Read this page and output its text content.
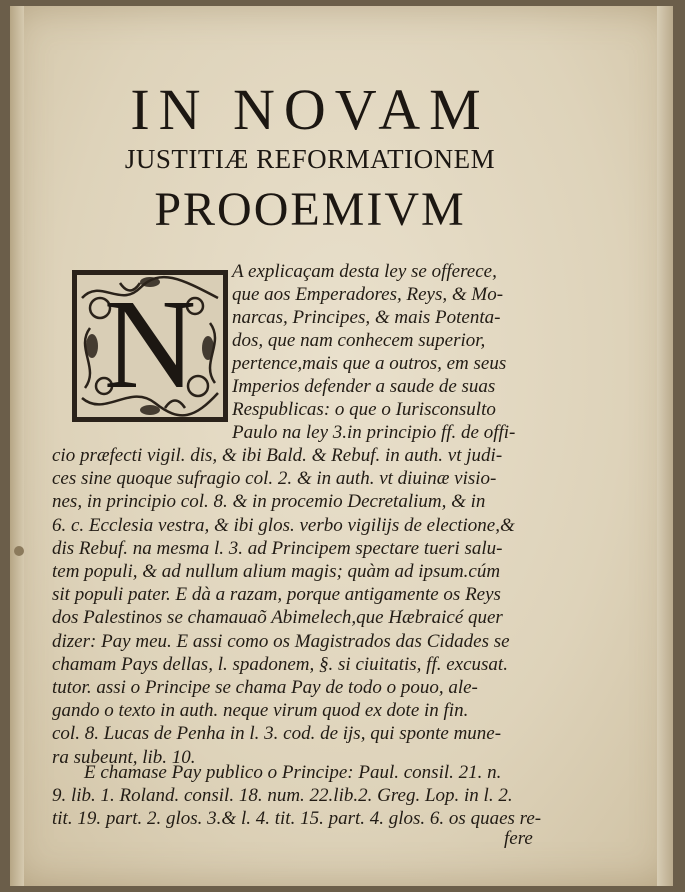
IN NOVAM
JUSTITIÆ REFORMATIONEM
PROOEMIVM
N
A explicaçam desta ley se offerece,
que aos Emperadores, Reys, & Mo-
narcas, Principes, & mais Potenta-
dos, que nam conhecem superior,
pertence,mais que a outros, em seus
Imperios defender a saude de suas
Respublicas: o que o Iurisconsulto
Paulo na ley 3.in principio ff. de offi-
cio præfecti vigil. dis, & ibi Bald. & Rebuf. in auth. vt judi-
ces sine quoque sufragio col. 2. & in auth. vt diuinæ visio-
nes, in principio col. 8. & in procemio Decretalium, & in
6. c. Ecclesia vestra, & ibi glos. verbo vigilijs de electione,&
dis Rebuf. na mesma l. 3. ad Principem spectare tueri salu-
tem populi, & ad nullum alium magis; quàm ad ipsum.cúm
sit populi pater. E dà a razam, porque antigamente os Reys
dos Palestinos se chamauaõ Abimelech,que Hæbraicé quer
dizer: Pay meu. E assi como os Magistrados das Cidades se
chamam Pays dellas, l. spadonem, §. si ciuitatis, ff. excusat.
tutor. assi o Principe se chama Pay de todo o pouo, ale-
gando o texto in auth. neque virum quod ex dote in fin.
col. 8. Lucas de Penha in l. 3. cod. de ijs, qui sponte mune-
ra subeunt, lib. 10.
E chamase Pay publico o Principe: Paul. consil. 21. n.
9. lib. 1. Roland. consil. 18. num. 22.lib.2. Greg. Lop. in l. 2.
tit. 19. part. 2. glos. 3.& l. 4. tit. 15. part. 4. glos. 6. os quaes re-
fere
